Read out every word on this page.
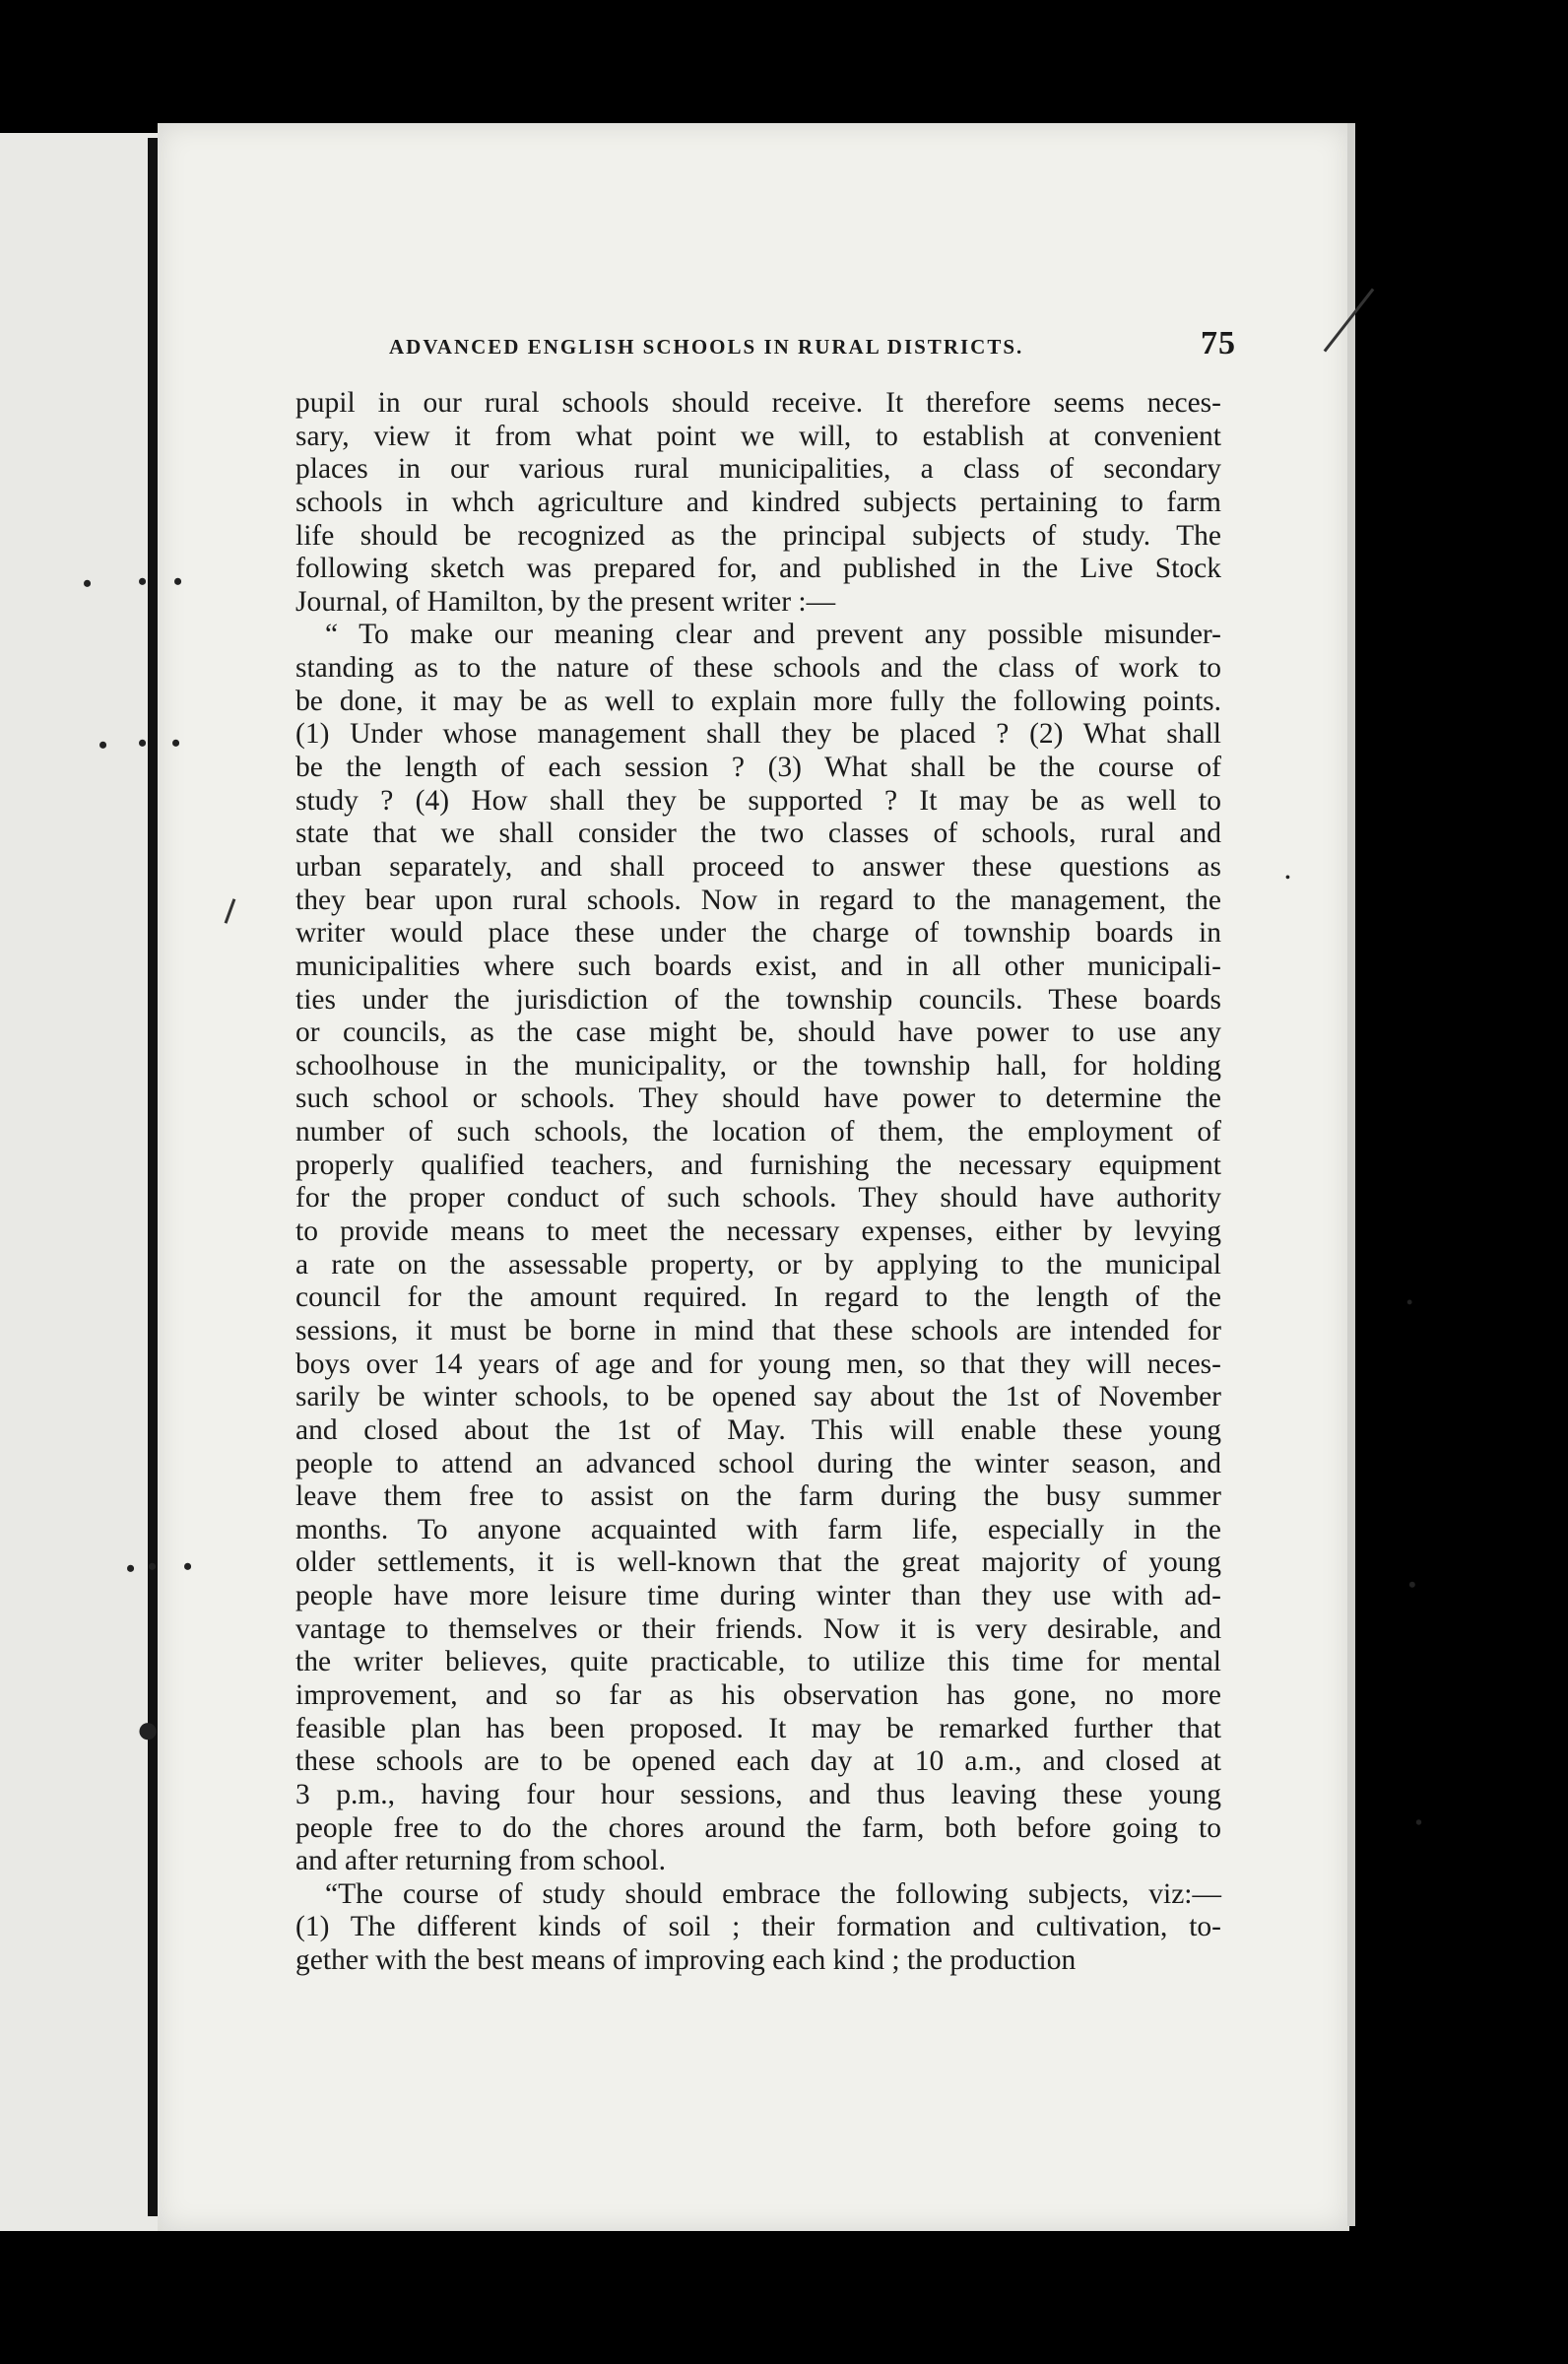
ADVANCED ENGLISH SCHOOLS IN RURAL DISTRICTS.	75
pupil in our rural schools should receive. It therefore seems neces-
sary, view it from what point we will, to establish at convenient
places in our various rural municipalities, a class of secondary
schools in whch agriculture and kindred subjects pertaining to farm
life should be recognized as the principal subjects of study. The
following sketch was prepared for, and published in the Live Stock
Journal, of Hamilton, by the present writer :—
“ To make our meaning clear and prevent any possible misunder-
standing as to the nature of these schools and the class of work to
be done, it may be as well to explain more fully the following points.
(1) Under whose management shall they be placed ? (2) What shall
be the length of each session ? (3) What shall be the course of
study ? (4) How shall they be supported ? It may be as well to
state that we shall consider the two classes of schools, rural and
urban separately, and shall proceed to answer these questions as
they bear upon rural schools. Now in regard to the management, the
writer would place these under the charge of township boards in
municipalities where such boards exist, and in all other municipali-
ties under the jurisdiction of the township councils. These boards
or councils, as the case might be, should have power to use any
schoolhouse in the municipality, or the township hall, for holding
such school or schools. They should have power to determine the
number of such schools, the location of them, the employment of
properly qualified teachers, and furnishing the necessary equipment
for the proper conduct of such schools. They should have authority
to provide means to meet the necessary expenses, either by levying
a rate on the assessable property, or by applying to the municipal
council for the amount required. In regard to the length of the
sessions, it must be borne in mind that these schools are intended for
boys over 14 years of age and for young men, so that they will neces-
sarily be winter schools, to be opened say about the 1st of November
and closed about the 1st of May. This will enable these young
people to attend an advanced school during the winter season, and
leave them free to assist on the farm during the busy summer
months. To anyone acquainted with farm life, especially in the
older settlements, it is well-known that the great majority of young
people have more leisure time during winter than they use with ad-
vantage to themselves or their friends. Now it is very desirable, and
the writer believes, quite practicable, to utilize this time for mental
improvement, and so far as his observation has gone, no more
feasible plan has been proposed. It may be remarked further that
these schools are to be opened each day at 10 a.m., and closed at
3 p.m., having four hour sessions, and thus leaving these young
people free to do the chores around the farm, both before going to
and after returning from school.
“The course of study should embrace the following subjects, viz:—
(1) The different kinds of soil ; their formation and cultivation, to-
gether with the best means of improving each kind ; the production
• • •
• • •
• • •
●
•
•
•
•
